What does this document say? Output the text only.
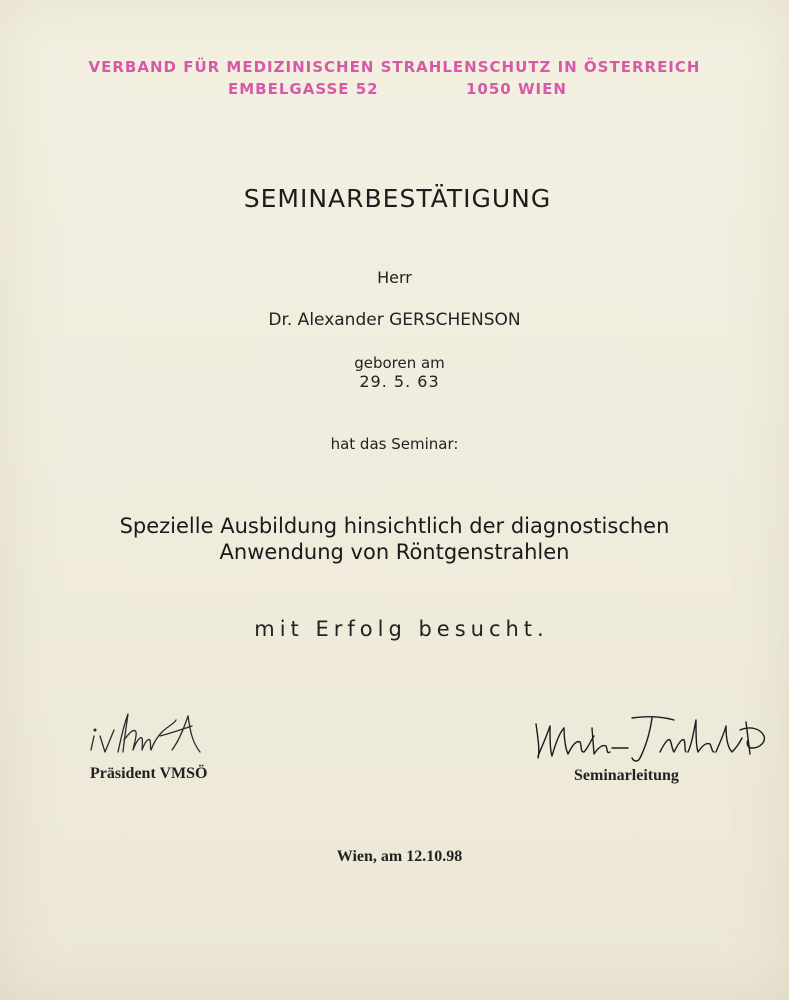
VERBAND FÜR MEDIZINISCHEN STRAHLENSCHUTZ IN ÖSTERREICH
EMBELGASSE 52	1050 WIEN
SEMINARBESTÄTIGUNG
Herr
Dr. Alexander GERSCHENSON
geboren am
29. 5. 63
hat das Seminar:
Spezielle Ausbildung hinsichtlich der diagnostischen
Anwendung von Röntgenstrahlen
mit Erfolg besucht.
Präsident VMSÖ	Seminarleitung
Wien, am 12.10.98
